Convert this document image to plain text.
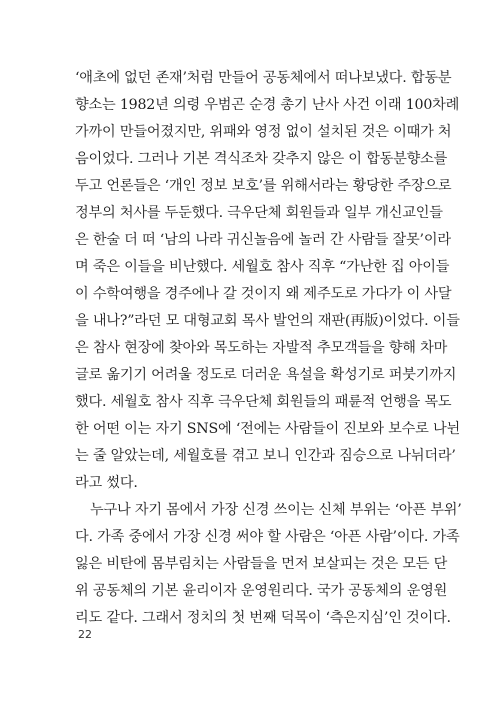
‘애초에 없던 존재’처럼 만들어 공동체에서 떠나보냈다. 합동분
향소는 1982년 의령 우범곤 순경 총기 난사 사건 이래 100차례
가까이 만들어졌지만, 위패와 영정 없이 설치된 것은 이때가 처
음이었다. 그러나 기본 격식조차 갖추지 않은 이 합동분향소를
두고 언론들은 ‘개인 정보 보호’를 위해서라는 황당한 주장으로
정부의 처사를 두둔했다. 극우단체 회원들과 일부 개신교인들
은 한술 더 떠 ‘남의 나라 귀신놀음에 놀러 간 사람들 잘못’이라
며 죽은 이들을 비난했다. 세월호 참사 직후 “가난한 집 아이들
이 수학여행을 경주에나 갈 것이지 왜 제주도로 가다가 이 사달
을 내나?”라던 모 대형교회 목사 발언의 재판(再版)이었다. 이들
은 참사 현장에 찾아와 목도하는 자발적 추모객들을 향해 차마
글로 옮기기 어려울 정도로 더러운 욕설을 확성기로 퍼붓기까지
했다. 세월호 참사 직후 극우단체 회원들의 패륜적 언행을 목도
한 어떤 이는 자기 SNS에 ‘전에는 사람들이 진보와 보수로 나뉜
는 줄 알았는데, 세월호를 겪고 보니 인간과 짐승으로 나뉘더라’
라고 썼다.
누구나 자기 몸에서 가장 신경 쓰이는 신체 부위는 ‘아픈 부위’
다. 가족 중에서 가장 신경 써야 할 사람은 ‘아픈 사람’이다. 가족
잃은 비탄에 몸부림치는 사람들을 먼저 보살피는 것은 모든 단
위 공동체의 기본 윤리이자 운영원리다. 국가 공동체의 운영원
리도 같다. 그래서 정치의 첫 번째 덕목이 ‘측은지심’인 것이다.
22
